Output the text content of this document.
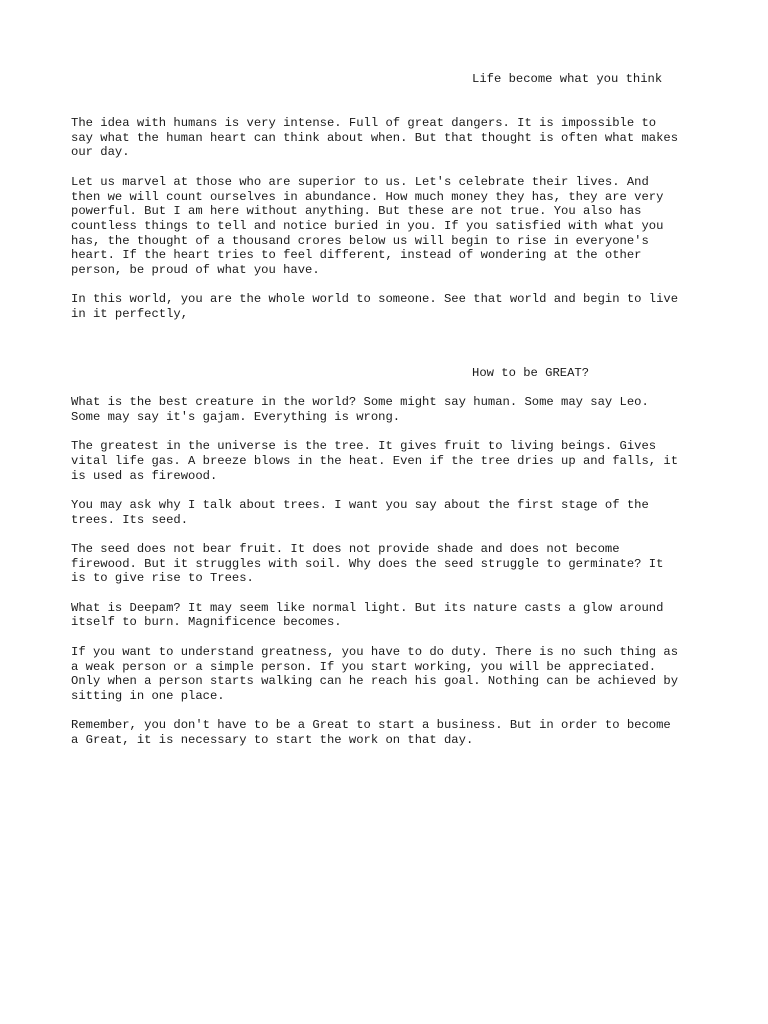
Life become what you think

The idea with humans is very intense. Full of great dangers. It is impossible to
say what the human heart can think about when. But that thought is often what makes
our day.

Let us marvel at those who are superior to us. Let's celebrate their lives. And
then we will count ourselves in abundance. How much money they has, they are very
powerful. But I am here without anything. But these are not true. You also has
countless things to tell and notice buried in you. If you satisfied with what you
has, the thought of a thousand crores below us will begin to rise in everyone's
heart. If the heart tries to feel different, instead of wondering at the other
person, be proud of what you have.

In this world, you are the whole world to someone. See that world and begin to live
in it perfectly,

How to be GREAT?

What is the best creature in the world? Some might say human. Some may say Leo.
Some may say it's gajam. Everything is wrong.

The greatest in the universe is the tree. It gives fruit to living beings. Gives
vital life gas. A breeze blows in the heat. Even if the tree dries up and falls, it
is used as firewood.

You may ask why I talk about trees. I want you say about the first stage of the
trees. Its seed.

The seed does not bear fruit. It does not provide shade and does not become
firewood. But it struggles with soil. Why does the seed struggle to germinate? It
is to give rise to Trees.

What is Deepam? It may seem like normal light. But its nature casts a glow around
itself to burn. Magnificence becomes.

If you want to understand greatness, you have to do duty. There is no such thing as
a weak person or a simple person. If you start working, you will be appreciated.
Only when a person starts walking can he reach his goal. Nothing can be achieved by
sitting in one place.

Remember, you don't have to be a Great to start a business. But in order to become
a Great, it is necessary to start the work on that day.
